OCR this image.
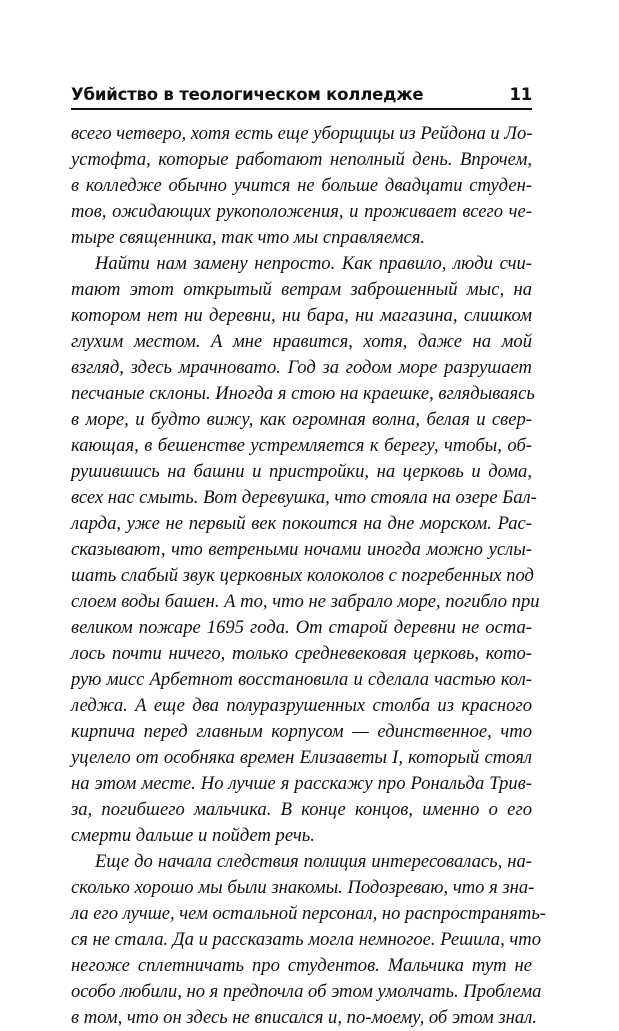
Убийство в теологическом колледже	11
всего четверо, хотя есть еще уборщицы из Рейдона и Ло-
устофта, которые работают неполный день. Впрочем,
в колледже обычно учится не больше двадцати студен-
тов, ожидающих рукоположения, и проживает всего че-
тыре священника, так что мы справляемся.
Найти нам замену непросто. Как правило, люди счи-
тают этот открытый ветрам заброшенный мыс, на
котором нет ни деревни, ни бара, ни магазина, слишком
глухим местом. А мне нравится, хотя, даже на мой
взгляд, здесь мрачновато. Год за годом море разрушает
песчаные склоны. Иногда я стою на краешке, вглядываясь
в море, и будто вижу, как огромная волна, белая и свер-
кающая, в бешенстве устремляется к берегу, чтобы, об-
рушившись на башни и пристройки, на церковь и дома,
всех нас смыть. Вот деревушка, что стояла на озере Бал-
ларда, уже не первый век покоится на дне морском. Рас-
сказывают, что ветреными ночами иногда можно услы-
шать слабый звук церковных колоколов с погребенных под
слоем воды башен. А то, что не забрало море, погибло при
великом пожаре 1695 года. От старой деревни не оста-
лось почти ничего, только средневековая церковь, кото-
рую мисс Арбетнот восстановила и сделала частью кол-
леджа. А еще два полуразрушенных столба из красного
кирпича перед главным корпусом — единственное, что
уцелело от особняка времен Елизаветы I, который стоял
на этом месте. Но лучше я расскажу про Рональда Трив-
за, погибшего мальчика. В конце концов, именно о его
смерти дальше и пойдет речь.
Еще до начала следствия полиция интересовалась, на-
сколько хорошо мы были знакомы. Подозреваю, что я зна-
ла его лучше, чем остальной персонал, но распространять-
ся не стала. Да и рассказать могла немногое. Решила, что
негоже сплетничать про студентов. Мальчика тут не
особо любили, но я предпочла об этом умолчать. Проблема
в том, что он здесь не вписался и, по-моему, об этом знал.
